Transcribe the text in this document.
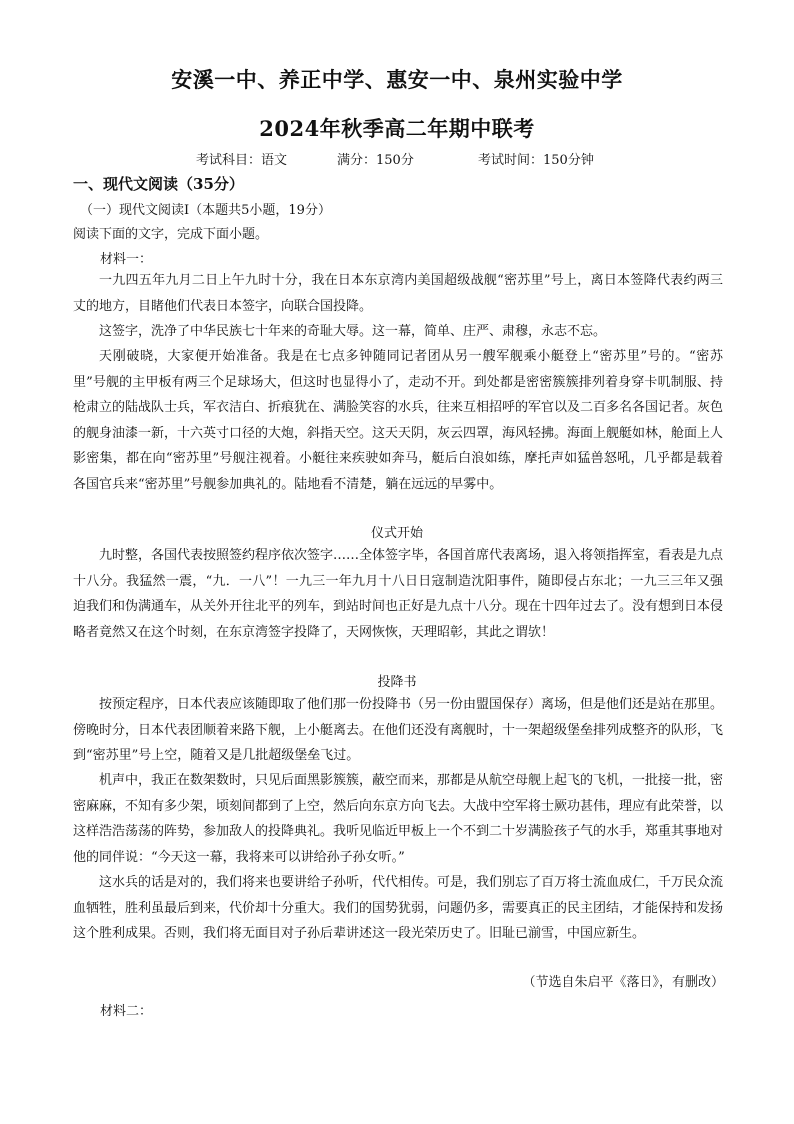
安溪一中、养正中学、惠安一中、泉州实验中学
2024年秋季高二年期中联考
考试科目：语文	满分：150分	考试时间：150分钟
一、现代文阅读（35分）
（一）现代文阅读Ⅰ（本题共5小题，19分）
阅读下面的文字，完成下面小题。
材料一：

一九四五年九月二日上午九时十分，我在日本东京湾内美国超级战舰“密苏里”号上，离日本签降代表约两三丈的地方，目睹他们代表日本签字，向联合国投降。

这签字，洗净了中华民族七十年来的奇耻大辱。这一幕，简单、庄严、肃穆，永志不忘。

天刚破晓，大家便开始准备。我是在七点多钟随同记者团从另一艘军舰乘小艇登上“密苏里”号的。“密苏里”号舰的主甲板有两三个足球场大，但这时也显得小了，走动不开。到处都是密密簇簇排列着身穿卡叽制服、持枪肃立的陆战队士兵，军衣洁白、折痕犹在、满脸笑容的水兵，往来互相招呼的军官以及二百多名各国记者。灰色的舰身油漆一新，十六英寸口径的大炮，斜指天空。这天天阴，灰云四罩，海风轻拂。海面上舰艇如林，舱面上人影密集，都在向“密苏里”号舰注视着。小艇往来疾驶如奔马，艇后白浪如练，摩托声如猛兽怒吼，几乎都是载着各国官兵来“密苏里”号舰参加典礼的。陆地看不清楚，躺在远远的早雾中。

仪式开始

九时整，各国代表按照签约程序依次签字……全体签字毕，各国首席代表离场，退入将领指挥室，看表是九点十八分。我猛然一震，“九．一八”！一九三一年九月十八日日寇制造沈阳事件，随即侵占东北；一九三三年又强迫我们和伪满通车，从关外开往北平的列车，到站时间也正好是九点十八分。现在十四年过去了。没有想到日本侵略者竟然又在这个时刻，在东京湾签字投降了，天网恢恢，天理昭彰，其此之谓欤！

投降书

按预定程序，日本代表应该随即取了他们那一份投降书（另一份由盟国保存）离场，但是他们还是站在那里。傍晚时分，日本代表团顺着来路下舰，上小艇离去。在他们还没有离舰时，十一架超级堡垒排列成整齐的队形，飞到“密苏里”号上空，随着又是几批超级堡垒飞过。

机声中，我正在数架数时，只见后面黑影簇簇，蔽空而来，那都是从航空母舰上起飞的飞机，一批接一批，密密麻麻，不知有多少架，顷刻间都到了上空，然后向东京方向飞去。大战中空军将士厥功甚伟，理应有此荣誉，以这样浩浩荡荡的阵势，参加敌人的投降典礼。我听见临近甲板上一个不到二十岁满脸孩子气的水手，郑重其事地对他的同伴说：“今天这一幕，我将来可以讲给孙子孙女听。”

这水兵的话是对的，我们将来也要讲给子孙听，代代相传。可是，我们别忘了百万将士流血成仁，千万民众流血牺牲，胜利虽最后到来，代价却十分重大。我们的国势犹弱，问题仍多，需要真正的民主团结，才能保持和发扬这个胜利成果。否则，我们将无面目对子孙后辈讲述这一段光荣历史了。旧耻已湔雪，中国应新生。

（节选自朱启平《落日》，有删改）
材料二：
